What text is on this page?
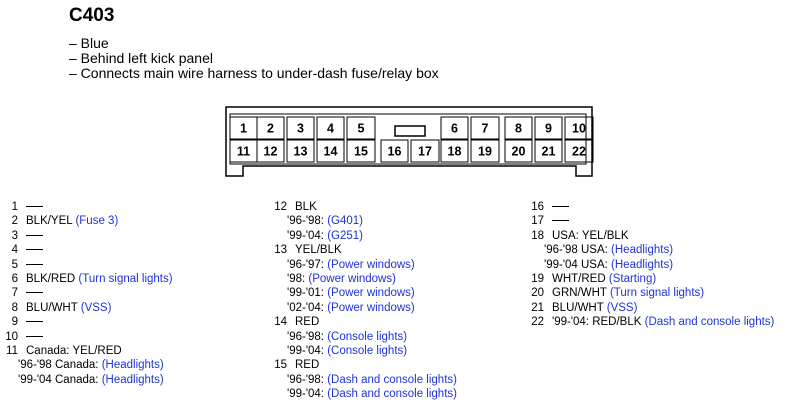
C403
– Blue
– Behind left kick panel
– Connects main wire harness to under-dash fuse/relay box
1 2 3 4 5	6 7 8 9 10
11 12 13 14 15 16 17 18 19 20 21 22
1
2 BLK/YEL (Fuse 3)
3
4
5
6 BLK/RED (Turn signal lights)
7
8 BLU/WHT (VSS)
9
10
11 Canada: YEL/RED
'96-'98 Canada: (Headlights)
'99-'04 Canada: (Headlights)
12 BLK
'96-'98: (G401)
'99-'04: (G251)
13 YEL/BLK
'96-'97: (Power windows)
'98: (Power windows)
'99-'01: (Power windows)
'02-'04: (Power windows)
14 RED
'96-'98: (Console lights)
'99-'04: (Console lights)
15 RED
'96-'98: (Dash and console lights)
'99-'04: (Dash and console lights)
16
17
18 USA: YEL/BLK
'96-'98 USA: (Headlights)
'99-'04 USA: (Headlights)
19 WHT/RED (Starting)
20 GRN/WHT (Turn signal lights)
21 BLU/WHT (VSS)
22 '99-'04: RED/BLK (Dash and console lights)
